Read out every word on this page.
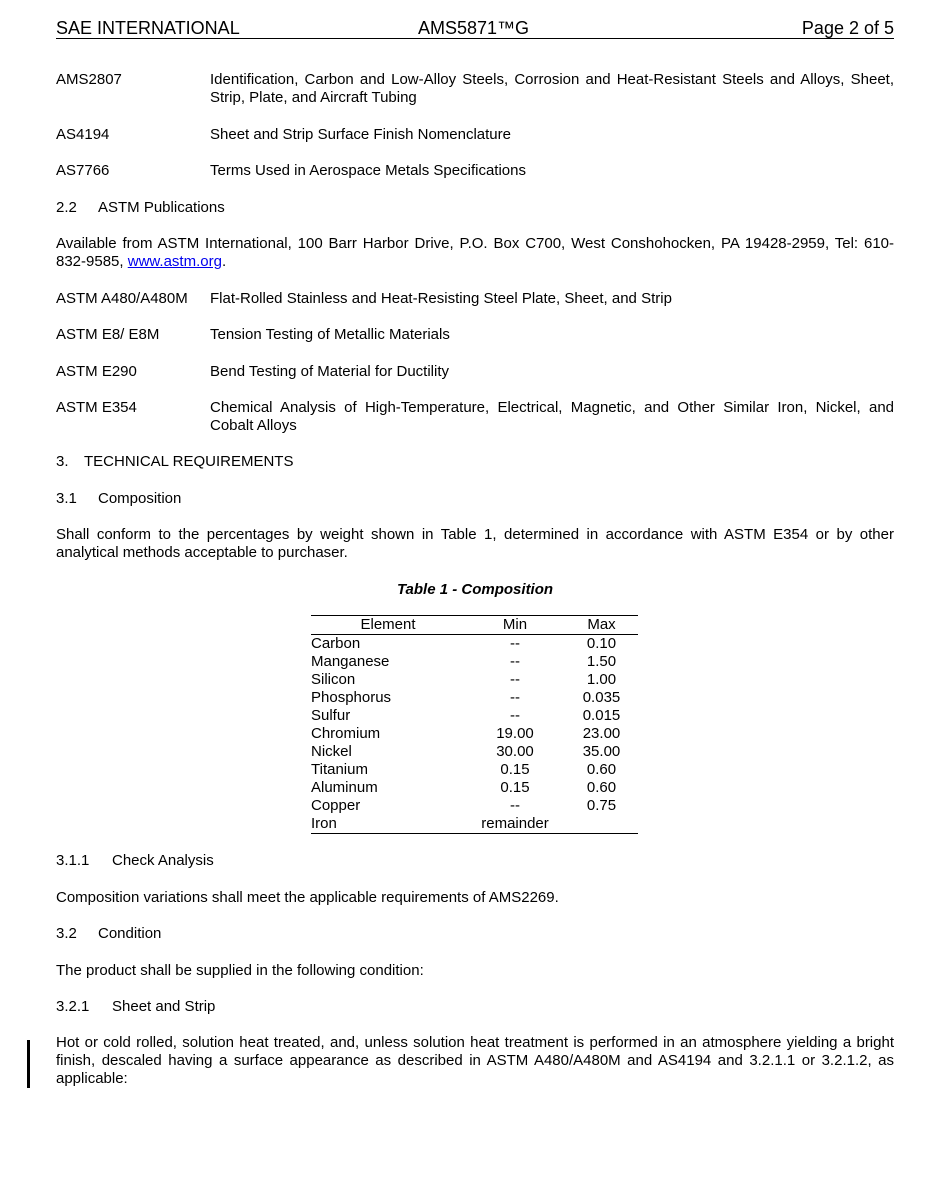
SAE INTERNATIONAL	AMS5871™G	Page 2 of 5
AMS2807	Identification, Carbon and Low-Alloy Steels, Corrosion and Heat-Resistant Steels and Alloys, Sheet, Strip, Plate, and Aircraft Tubing
AS4194	Sheet and Strip Surface Finish Nomenclature
AS7766	Terms Used in Aerospace Metals Specifications
2.2 ASTM Publications
Available from ASTM International, 100 Barr Harbor Drive, P.O. Box C700, West Conshohocken, PA 19428-2959, Tel: 610-832-9585, www.astm.org.
ASTM A480/A480M Flat-Rolled Stainless and Heat-Resisting Steel Plate, Sheet, and Strip
ASTM E8/ E8M	Tension Testing of Metallic Materials
ASTM E290	Bend Testing of Material for Ductility
ASTM E354	Chemical Analysis of High-Temperature, Electrical, Magnetic, and Other Similar Iron, Nickel, and Cobalt Alloys
3. TECHNICAL REQUIREMENTS
3.1 Composition
Shall conform to the percentages by weight shown in Table 1, determined in accordance with ASTM E354 or by other analytical methods acceptable to purchaser.
Table 1 - Composition
Element	Min	Max
Carbon	--	0.10
Manganese	--	1.50
Silicon	--	1.00
Phosphorus	--	0.035
Sulfur	--	0.015
Chromium	19.00	23.00
Nickel	30.00	35.00
Titanium	0.15	0.60
Aluminum	0.15	0.60
Copper	--	0.75
Iron	remainder	
3.1.1 Check Analysis
Composition variations shall meet the applicable requirements of AMS2269.
3.2 Condition
The product shall be supplied in the following condition:
3.2.1 Sheet and Strip
Hot or cold rolled, solution heat treated, and, unless solution heat treatment is performed in an atmosphere yielding a bright finish, descaled having a surface appearance as described in ASTM A480/A480M and AS4194 and 3.2.1.1 or 3.2.1.2, as applicable:
